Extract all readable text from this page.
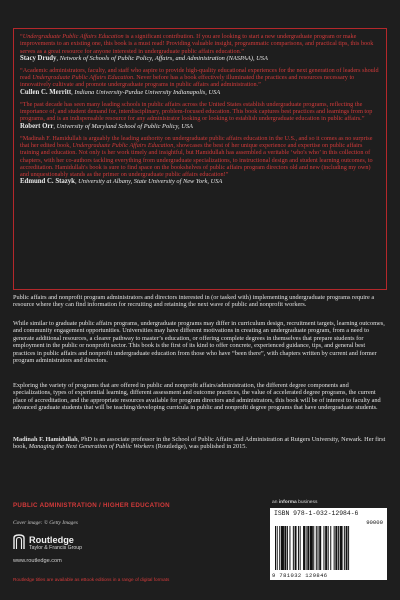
“Undergraduate Public Affairs Education is a significant contribution. If you are looking to start a new undergraduate program or make improvements to an existing one, this book is a must read! Providing valuable insight, programmatic comparisons, and practical tips, this book serves as a great resource for anyone interested in undergraduate public affairs education.”
Stacy Drudy, Network of Schools of Public Policy, Affairs, and Administration (NASPAA), USA
“Academic administrators, faculty, and staff who aspire to provide high-quality educational experiences for the next generation of leaders should read Undergraduate Public Affairs Education. Never before has a book effectively illuminated the practices and resources necessary to innovatively cultivate and promote undergraduate programs in public affairs and administration.”
Cullen C. Merritt, Indiana University-Purdue University Indianapolis, USA
“The past decade has seen many leading schools in public affairs across the United States establish undergraduate programs, reflecting the importance of, and student demand for, interdisciplinary, problem-focused education. This book captures best practices and learnings from top programs, and is an indispensable resource for any administrator looking or looking to establish undergraduate education in public affairs.”
Robert Orr, University of Maryland School of Public Policy, USA
“Madinah F. Hamidullah is arguably the leading authority on undergraduate public affairs education in the U.S., and so it comes as no surprise that her edited book, Undergraduate Public Affairs Education, showcases the best of her unique experience and expertise on public affairs training and education. Not only is her work timely and insightful, but Hamidullah has assembled a veritable ‘who's who’ in this collection of chapters, with her co-authors tackling everything from undergraduate specializations, to instructional design and student learning outcomes, to accreditation. Hamidullah's book is sure to find space on the bookshelves of public affairs program directors old and new (including my own) and unquestionably stands as the primer on undergraduate public affairs education!”
Edmund C. Stazyk, University at Albany, State University of New York, USA

Public affairs and nonprofit program administrators and directors interested in (or tasked with) implementing undergraduate programs require a resource where they can find information for recruiting and retaining the next wave of public and nonprofit workers.

While similar to graduate public affairs programs, undergraduate programs may differ in curriculum design, recruitment targets, learning outcomes, and community engagement opportunities. Universities may have different motivations in creating an undergraduate program, from a need to generate additional resources, a clearer pathway to master’s education, or offering complete degrees in themselves that prepare students for employment in the public or nonprofit sector. This book is the first of its kind to offer concrete, experienced guidance, tips, and general best practices in public affairs and nonprofit undergraduate education from those who have “been there”, with chapters written by current and former program administrators and directors.

Exploring the variety of programs that are offered in public and nonprofit affairs/administration, the different degree components and specializations, types of experiential learning, different assessment and outcome practices, the value of accelerated degree programs, the current place of accreditation, and the appropriate resources available for program directors and administrators, this book will be of interest to faculty and advanced graduate students that will be teaching/developing curricula in public and nonprofit degree programs that have undergraduate students.

Madinah F. Hamidullah, PhD is an associate professor in the School of Public Affairs and Administration at Rutgers University, Newark. Her first book, Managing the Next Generation of Public Workers (Routledge), was published in 2015.

PUBLIC ADMINISTRATION / HIGHER EDUCATION
Cover image: © Getty Images
Routledge
Taylor & Francis Group
www.routledge.com
Routledge titles are available as eBook editions in a range of digital formats
an informa business
ISBN 978-1-032-12984-6
90000
9 781032 129846
